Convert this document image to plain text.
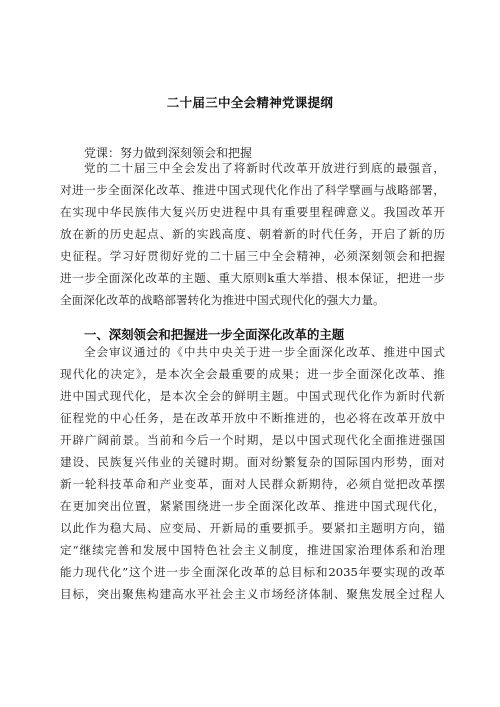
二十届三中全会精神党课提纲
党课：努力做到深刻领会和把握
党的二十届三中全会发出了将新时代改革开放进行到底的最强音，
对进一步全面深化改革、推进中国式现代化作出了科学擘画与战略部署，
在实现中华民族伟大复兴历史进程中具有重要里程碑意义。我国改革开
放在新的历史起点、新的实践高度、朝着新的时代任务，开启了新的历
史征程。学习好贯彻好党的二十届三中全会精神，必须深刻领会和把握
进一步全面深化改革的主题、重大原则k重大举措、根本保证，把进一步
全面深化改革的战略部署转化为推进中国式现代化的强大力量。
一、深刻领会和把握进一步全面深化改革的主题
全会审议通过的《中共中央关于进一步全面深化改革、推进中国式
现代化的决定》，是本次全会最重要的成果；进一步全面深化改革、推
进中国式现代化，是本次全会的鲜明主题。中国式现代化作为新时代新
征程党的中心任务，是在改革开放中不断推进的，也必将在改革开放中
开辟广阔前景。当前和今后一个时期，是以中国式现代化全面推进强国
建设、民族复兴伟业的关键时期。面对纷繁复杂的国际国内形势，面对
新一轮科技革命和产业变革，面对人民群众新期待，必须自觉把改革摆
在更加突出位置，紧紧围绕进一步全面深化改革、推进中国式现代化，
以此作为稳大局、应变局、开新局的重要抓手。要紧扣主题明方向，锚
定“继续完善和发展中国特色社会主义制度，推进国家治理体系和治理
能力现代化”这个进一步全面深化改革的总目标和2035年要实现的改革
目标，突出聚焦构建高水平社会主义市场经济体制、聚焦发展全过程人
